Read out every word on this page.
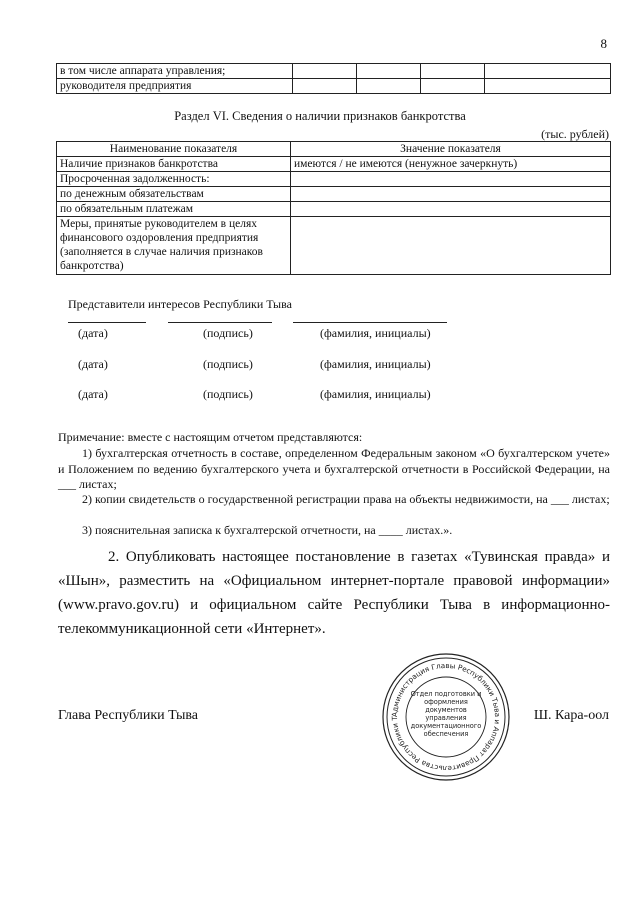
8
в том числе аппарата управления;				
руководителя предприятия				
Раздел VI. Сведения о наличии признаков банкротства
(тыс. рублей)
Наименование показателя	Значение показателя
Наличие признаков банкротства	имеются / не имеются (ненужное зачеркнуть)
Просроченная задолженность:	
по денежным обязательствам	
по обязательным платежам	
Меры, принятые руководителем в целях финансового оздоровления предприятия (заполняется в случае наличия признаков банкротства)	
Представители интересов Республики Тыва
(дата)	(подпись)	(фамилия, инициалы)
(дата)	(подпись)	(фамилия, инициалы)
(дата)	(подпись)	(фамилия, инициалы)
Примечание: вместе с настоящим отчетом представляются:
1) бухгалтерская отчетность в составе, определенном Федеральным законом «О бухгалтерском учете» и Положением по ведению бухгалтерского учета и бухгалтерской отчетности в Российской Федерации, на ___ листах;
2) копии свидетельств о государственной регистрации права на объекты недвижимости, на ___ листах;
3) пояснительная записка к бухгалтерской отчетности, на ____ листах.».
2. Опубликовать настоящее постановление в газетах «Тувинская правда» и «Шын», разместить на «Официальном интернет-портале правовой информации» (www.pravo.gov.ru) и официальном сайте Республики Тыва в информационно-телекоммуникационной сети «Интернет».
Глава Республики Тыва	Ш. Кара-оол
Администрация Главы Республики Тыва и Аппарат Правительства Республики Т
Отдел подготовки и оформления документов управления документационного обеспечения
